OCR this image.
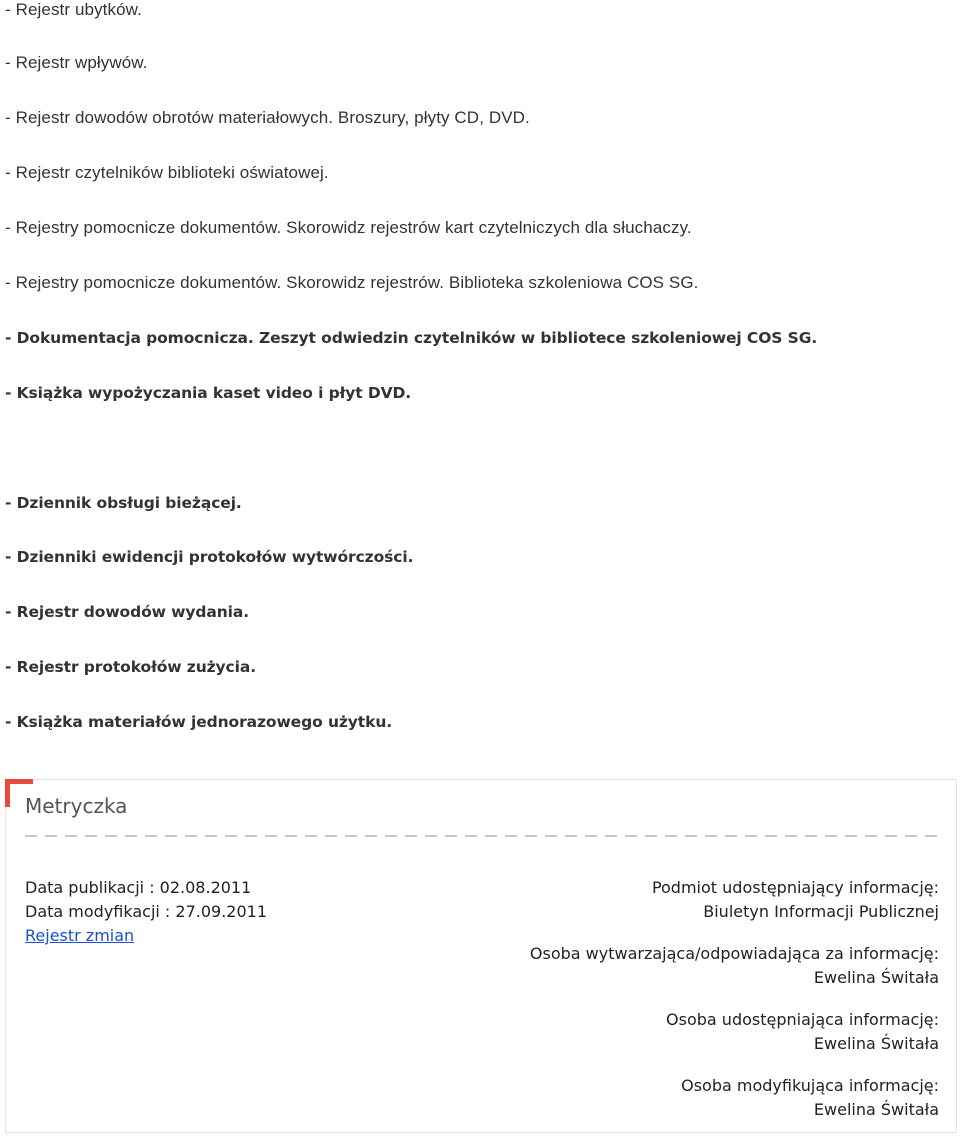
- Rejestr ubytków.
- Rejestr wpływów.
- Rejestr dowodów obrotów materiałowych. Broszury, płyty CD, DVD.
- Rejestr czytelników biblioteki oświatowej.
- Rejestry pomocnicze dokumentów. Skorowidz rejestrów kart czytelniczych dla słuchaczy.
- Rejestry pomocnicze dokumentów. Skorowidz rejestrów. Biblioteka szkoleniowa COS SG.
- Dokumentacja pomocnicza. Zeszyt odwiedzin czytelników w bibliotece szkoleniowej COS SG.
- Książka wypożyczania kaset video i płyt DVD.
- Dziennik obsługi bieżącej.
- Dzienniki ewidencji protokołów wytwórczości.
- Rejestr dowodów wydania.
- Rejestr protokołów zużycia.
- Książka materiałów jednorazowego użytku.
Metryczka
Data publikacji : 02.08.2011
Data modyfikacji : 27.09.2011
Rejestr zmian
Podmiot udostępniający informację:
Biuletyn Informacji Publicznej
Osoba wytwarzająca/odpowiadająca za informację:
Ewelina Świtała
Osoba udostępniająca informację:
Ewelina Świtała
Osoba modyfikująca informację:
Ewelina Świtała
